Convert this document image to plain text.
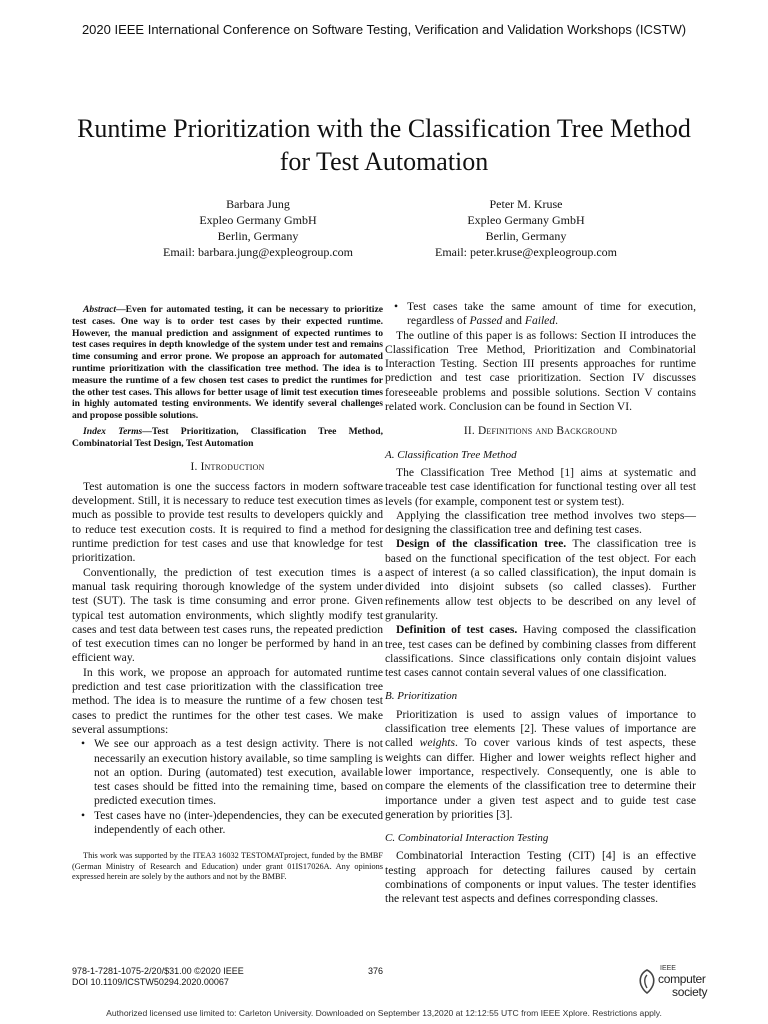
2020 IEEE International Conference on Software Testing, Verification and Validation Workshops (ICSTW)
Runtime Prioritization with the Classification Tree Method for Test Automation
Barbara Jung
Expleo Germany GmbH
Berlin, Germany
Email: barbara.jung@expleogroup.com
Peter M. Kruse
Expleo Germany GmbH
Berlin, Germany
Email: peter.kruse@expleogroup.com

Abstract—Even for automated testing, it can be necessary to prioritize test cases. One way is to order test cases by their expected runtime. However, the manual prediction and assignment of expected runtimes to test cases requires in depth knowledge of the system under test and remains time consuming and error prone. We propose an approach for automated runtime prioritization with the classification tree method. The idea is to measure the runtime of a few chosen test cases to predict the runtimes for the other test cases. This allows for better usage of limit test execution times in highly automated testing environments. We identify several challenges and propose possible solutions.

Index Terms—Test Prioritization, Classification Tree Method, Combinatorial Test Design, Test Automation

I. Introduction

Test automation is one the success factors in modern software development. Still, it is necessary to reduce test execution times as much as possible to provide test results to developers quickly and to reduce test execution costs. It is required to find a method for runtime prediction for test cases and use that knowledge for test prioritization.

Conventionally, the prediction of test execution times is a manual task requiring thorough knowledge of the system under test (SUT). The task is time consuming and error prone. Given typical test automation environments, which slightly modify test cases and test data between test cases runs, the repeated prediction of test execution times can no longer be performed by hand in an efficient way.

In this work, we propose an approach for automated runtime prediction and test case prioritization with the classification tree method. The idea is to measure the runtime of a few chosen test cases to predict the runtimes for the other test cases. We make several assumptions:

• We see our approach as a test design activity. There is not necessarily an execution history available, so time sampling is not an option. During (automated) test execution, available test cases should be fitted into the remaining time, based on predicted execution times.
• Test cases have no (inter-)dependencies, they can be executed independently of each other.

This work was supported by the ITEA3 16032 TESTOMATproject, funded by the BMBF (German Ministry of Research and Education) under grant 01IS17026A. Any opinions expressed herein are solely by the authors and not by the BMBF.

• Test cases take the same amount of time for execution, regardless of Passed and Failed.

The outline of this paper is as follows: Section II introduces the Classification Tree Method, Prioritization and Combinatorial Interaction Testing. Section III presents approaches for runtime prediction and test case prioritization. Section IV discusses foreseeable problems and possible solutions. Section V contains related work. Conclusion can be found in Section VI.

II. Definitions and Background
A. Classification Tree Method

The Classification Tree Method [1] aims at systematic and traceable test case identification for functional testing over all test levels (for example, component test or system test).

Applying the classification tree method involves two steps—designing the classification tree and defining test cases.

Design of the classification tree. The classification tree is based on the functional specification of the test object. For each aspect of interest (a so called classification), the input domain is divided into disjoint subsets (so called classes). Further refinements allow test objects to be described on any level of granularity.

Definition of test cases. Having composed the classification tree, test cases can be defined by combining classes from different classifications. Since classifications only contain disjoint values test cases cannot contain several values of one classification.

B. Prioritization

Prioritization is used to assign values of importance to classification tree elements [2]. These values of importance are called weights. To cover various kinds of test aspects, these weights can differ. Higher and lower weights reflect higher and lower importance, respectively. Consequently, one is able to compare the elements of the classification tree to determine their importance under a given test aspect and to guide test case generation by priorities [3].

C. Combinatorial Interaction Testing

Combinatorial Interaction Testing (CIT) [4] is an effective testing approach for detecting failures caused by certain combinations of components or input values. The tester identifies the relevant test aspects and defines corresponding classes.

978-1-7281-1075-2/20/$31.00 ©2020 IEEE
DOI 10.1109/ICSTW50294.2020.00067
376	IEEE
computer
society
Authorized licensed use limited to: Carleton University. Downloaded on September 13,2020 at 12:12:55 UTC from IEEE Xplore. Restrictions apply.
